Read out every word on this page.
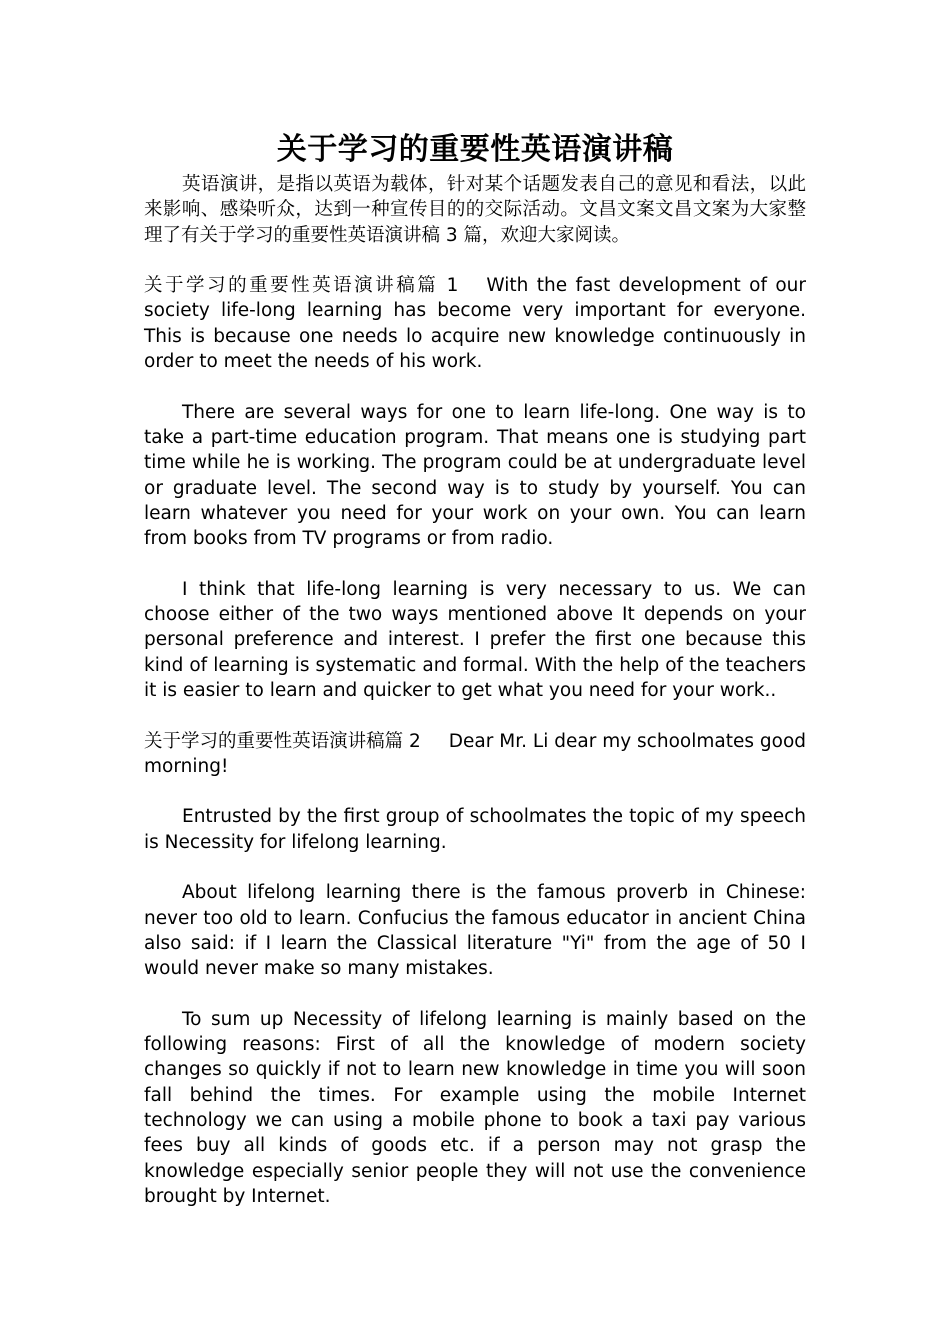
关于学习的重要性英语演讲稿

英语演讲，是指以英语为载体，针对某个话题发表自己的意见和看法，以此来影响、感染听众，达到一种宣传目的的交际活动。文昌文案文昌文案为大家整理了有关于学习的重要性英语演讲稿 3 篇，欢迎大家阅读。

关于学习的重要性英语演讲稿篇 1 With the fast development of our society life-long learning has become very important for everyone. This is because one needs lo acquire new knowledge continuously in order to meet the needs of his work.

There are several ways for one to learn life-long. One way is to take a part-time education program. That means one is studying part time while he is working. The program could be at undergraduate level or graduate level. The second way is to study by yourself. You can learn whatever you need for your work on your own. You can learn from books from TV programs or from radio.

I think that life-long learning is very necessary to us. We can choose either of the two ways mentioned above It depends on your personal preference and interest. I prefer the first one because this kind of learning is systematic and formal. With the help of the teachers it is easier to learn and quicker to get what you need for your work..

关于学习的重要性英语演讲稿篇 2 Dear Mr. Li dear my schoolmates good morning!

Entrusted by the first group of schoolmates the topic of my speech is Necessity for lifelong learning.

About lifelong learning there is the famous proverb in Chinese: never too old to learn. Confucius the famous educator in ancient China also said: if I learn the Classical literature "Yi" from the age of 50 I would never make so many mistakes.

To sum up Necessity of lifelong learning is mainly based on the following reasons: First of all the knowledge of modern society changes so quickly if not to learn new knowledge in time you will soon fall behind the times. For example using the mobile Internet technology we can using a mobile phone to book a taxi pay various fees buy all kinds of goods etc. if a person may not grasp the knowledge especially senior people they will not use the convenience brought by Internet.
